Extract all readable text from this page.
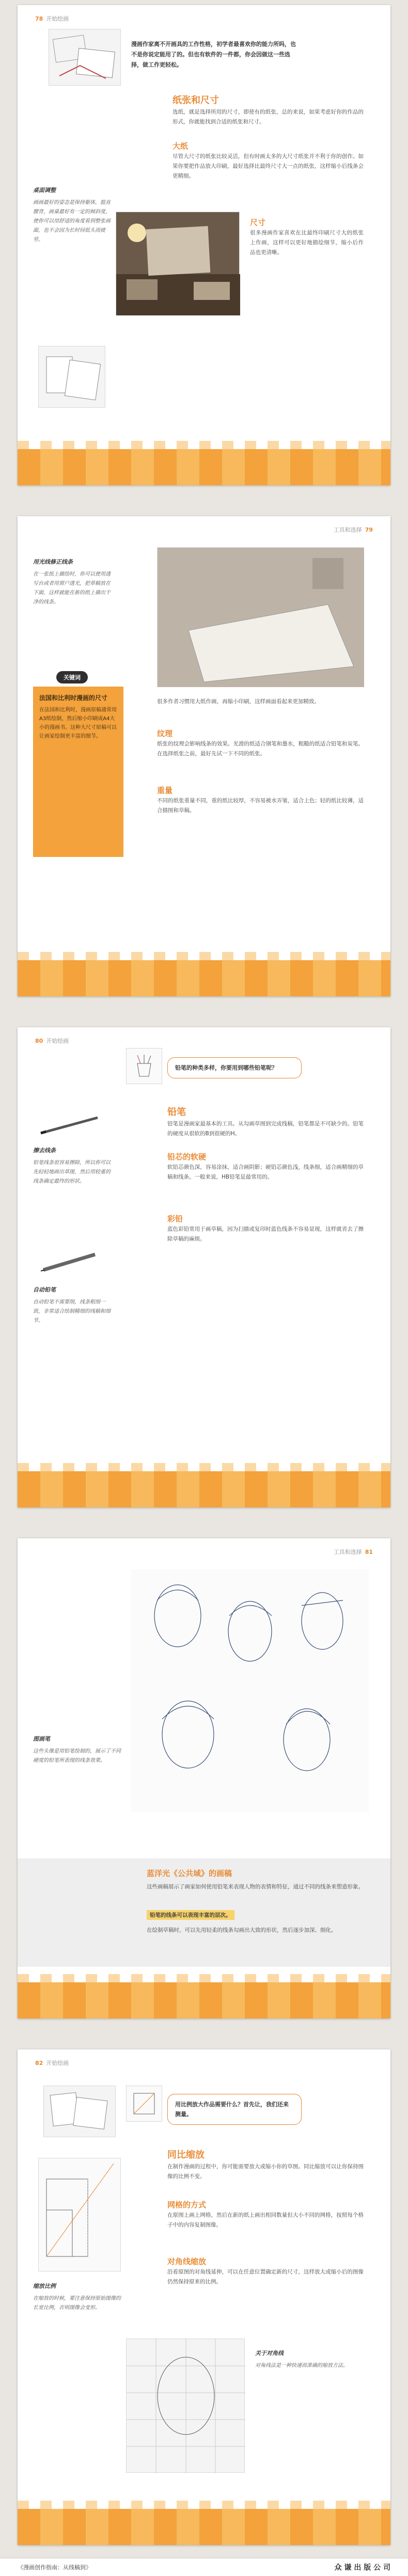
78 开始绘画
漫画作家离不开画具的工作性格，初学者最喜欢你的能力所吗，也不是你说定能用了的。但也有软件的一件都，你会因做这一些选择，做工作更轻松。
纸张和尺寸
选纸，就是选择所用的尺寸，即使有的纸张，总的来说，如果考虑好你的作品的形式，你就能找到合适的纸张和尺寸。
大纸
尽管大尺寸的纸张比较灵活，但有时画太多的大尺寸纸张并不利于你的创作。如果你要把作品放大印刷，最好选择比最终尺寸大一点的纸张，这样缩小后线条会更精细。
桌面调整
画画最好的姿态是保持躯体，挺直腰背，画桌最好有一定的倾斜度，使你可以用舒适的角度看到整张画面，也不会因为长时间低头而疲劳。
尺寸
很多漫画作家喜欢在比最终印刷尺寸大的纸张上作画，这样可以更好地描绘细节，缩小后作品也更清晰。
工具和选择 79
用光线修正线条
在一张纸上描绘时，你可以使用透写台或者用窗户透光，把草稿放在下面，这样就能在新的纸上描出干净的线条。
关键词
法国和比利时漫画的尺寸
在法国和比利时，漫画原稿通常用A3纸绘制，然后缩小印刷成A4大小的漫画书。这种大尺寸原稿可以让画家绘制更丰富的细节。
很多作者习惯用大纸作画，再缩小印刷，这样画面看起来更加精致。
纹理
纸张的纹理会影响线条的效果。光滑的纸适合钢笔和墨水，粗糙的纸适合铅笔和炭笔。在选择纸张之前，最好先试一下不同的纸张。
重量
不同的纸张重量不同，重的纸比较厚，不容易被水弄皱，适合上色；轻的纸比较薄，适合描图和草稿。
80 开始绘画
铅笔的种类多样，你要用到哪些铅笔呢？
铅笔
铅笔是漫画家最基本的工具。从勾画草图到完成线稿，铅笔都是不可缺少的。铅笔的硬度从很软的B到很硬的H。
铅芯的软硬
软铅芯颜色深，容易涂抹，适合画阴影；硬铅芯颜色浅，线条细，适合画精细的草稿和线条。一般来说，HB铅笔是最常用的。
彩铅
蓝色彩铅常用于画草稿，因为扫描或复印时蓝色线条不容易显现，这样就省去了擦除草稿的麻烦。
擦去线条
铅笔线条很容易擦除，所以你可以先轻轻地画出草图，然后用较重的线条确定最终的形状。
自动铅笔
自动铅笔不需要削，线条粗细一致，非常适合绘制精细的线稿和细节。
工具和选择 81
图画笔
这些头像是用铅笔绘制的，展示了不同硬度的铅笔所表现的线条效果。
蓝洋光《公共域》的画稿
这些画稿展示了画家如何使用铅笔来表现人物的表情和特征，通过不同的线条来塑造形象。
铅笔的线条可以表现丰富的层次。
在绘制草稿时，可以先用轻柔的线条勾画出大致的形状，然后逐步加深、细化。
82 开始绘画
用比例放大作品需要什么？首先让，我们还来测量。
同比缩放
在制作漫画的过程中，你可能需要放大或缩小你的草图。同比缩放可以让你保持图像的比例不变。
网格的方式
在原图上画上网格，然后在新的纸上画出相同数量但大小不同的网格，按照每个格子中的内容复制图像。
对角线缩放
沿着原图的对角线延伸，可以在任意位置确定新的尺寸，这样放大或缩小后的图像仍然保持原来的比例。
缩放比例
在缩放的时候，要注意保持原始图像的长宽比例，否则图像会变形。
关于对角线
对角线法是一种快速而准确的缩放方法。
《漫画创作指南：从线稿到》	众 谦 出 版 公 司
